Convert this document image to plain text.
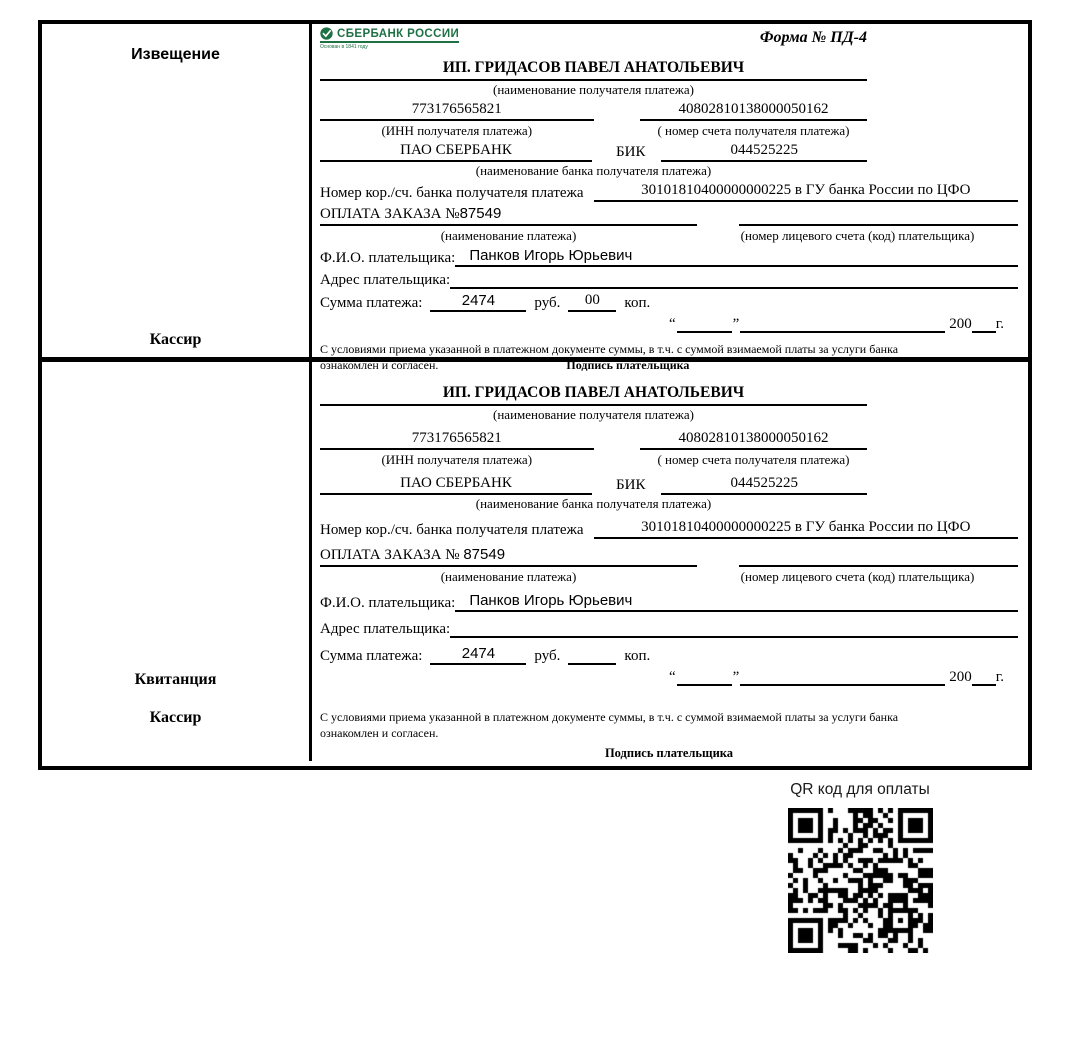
Извещение
Кассир
СБЕРБАНК РОССИИ
Основан в 1841 году
Форма № ПД-4
ИП. ГРИДАСОВ ПАВЕЛ АНАТОЛЬЕВИЧ
(наименование получателя платежа)
773176565821	40802810138000050162
(ИНН получателя платежа)	( номер счета получателя платежа)
ПАО СБЕРБАНК	БИК	044525225
(наименование банка получателя платежа)
Номер кор./сч. банка получателя платежа	30101810400000000225 в ГУ банка России по ЦФО
ОПЛАТА ЗАКАЗА №87549
(наименование платежа)	(номер лицевого счета (код) плательщика)
Ф.И.О. плательщика: Панков Игорь Юрьевич
Адрес плательщика:
Сумма платежа:	2474	руб.	00	коп.
“	”	200 г.
С условиями приема указанной в платежном документе суммы, в т.ч. с суммой взимаемой платы за услуги банка
ознакомлен и согласен.	Подпись плательщика
Квитанция
Кассир
ИП. ГРИДАСОВ ПАВЕЛ АНАТОЛЬЕВИЧ
(наименование получателя платежа)
773176565821	40802810138000050162
(ИНН получателя платежа)	( номер счета получателя платежа)
ПАО СБЕРБАНК	БИК	044525225
(наименование банка получателя платежа)
Номер кор./сч. банка получателя платежа	30101810400000000225 в ГУ банка России по ЦФО
ОПЛАТА ЗАКАЗА № 87549
(наименование платежа)	(номер лицевого счета (код) плательщика)
Ф.И.О. плательщика: Панков Игорь Юрьевич
Адрес плательщика:
Сумма платежа:	2474	руб.	коп.
“	”	200 г.
С условиями приема указанной в платежном документе суммы, в т.ч. с суммой взимаемой платы за услуги банка
ознакомлен и согласен.
Подпись плательщика
QR код для оплаты
